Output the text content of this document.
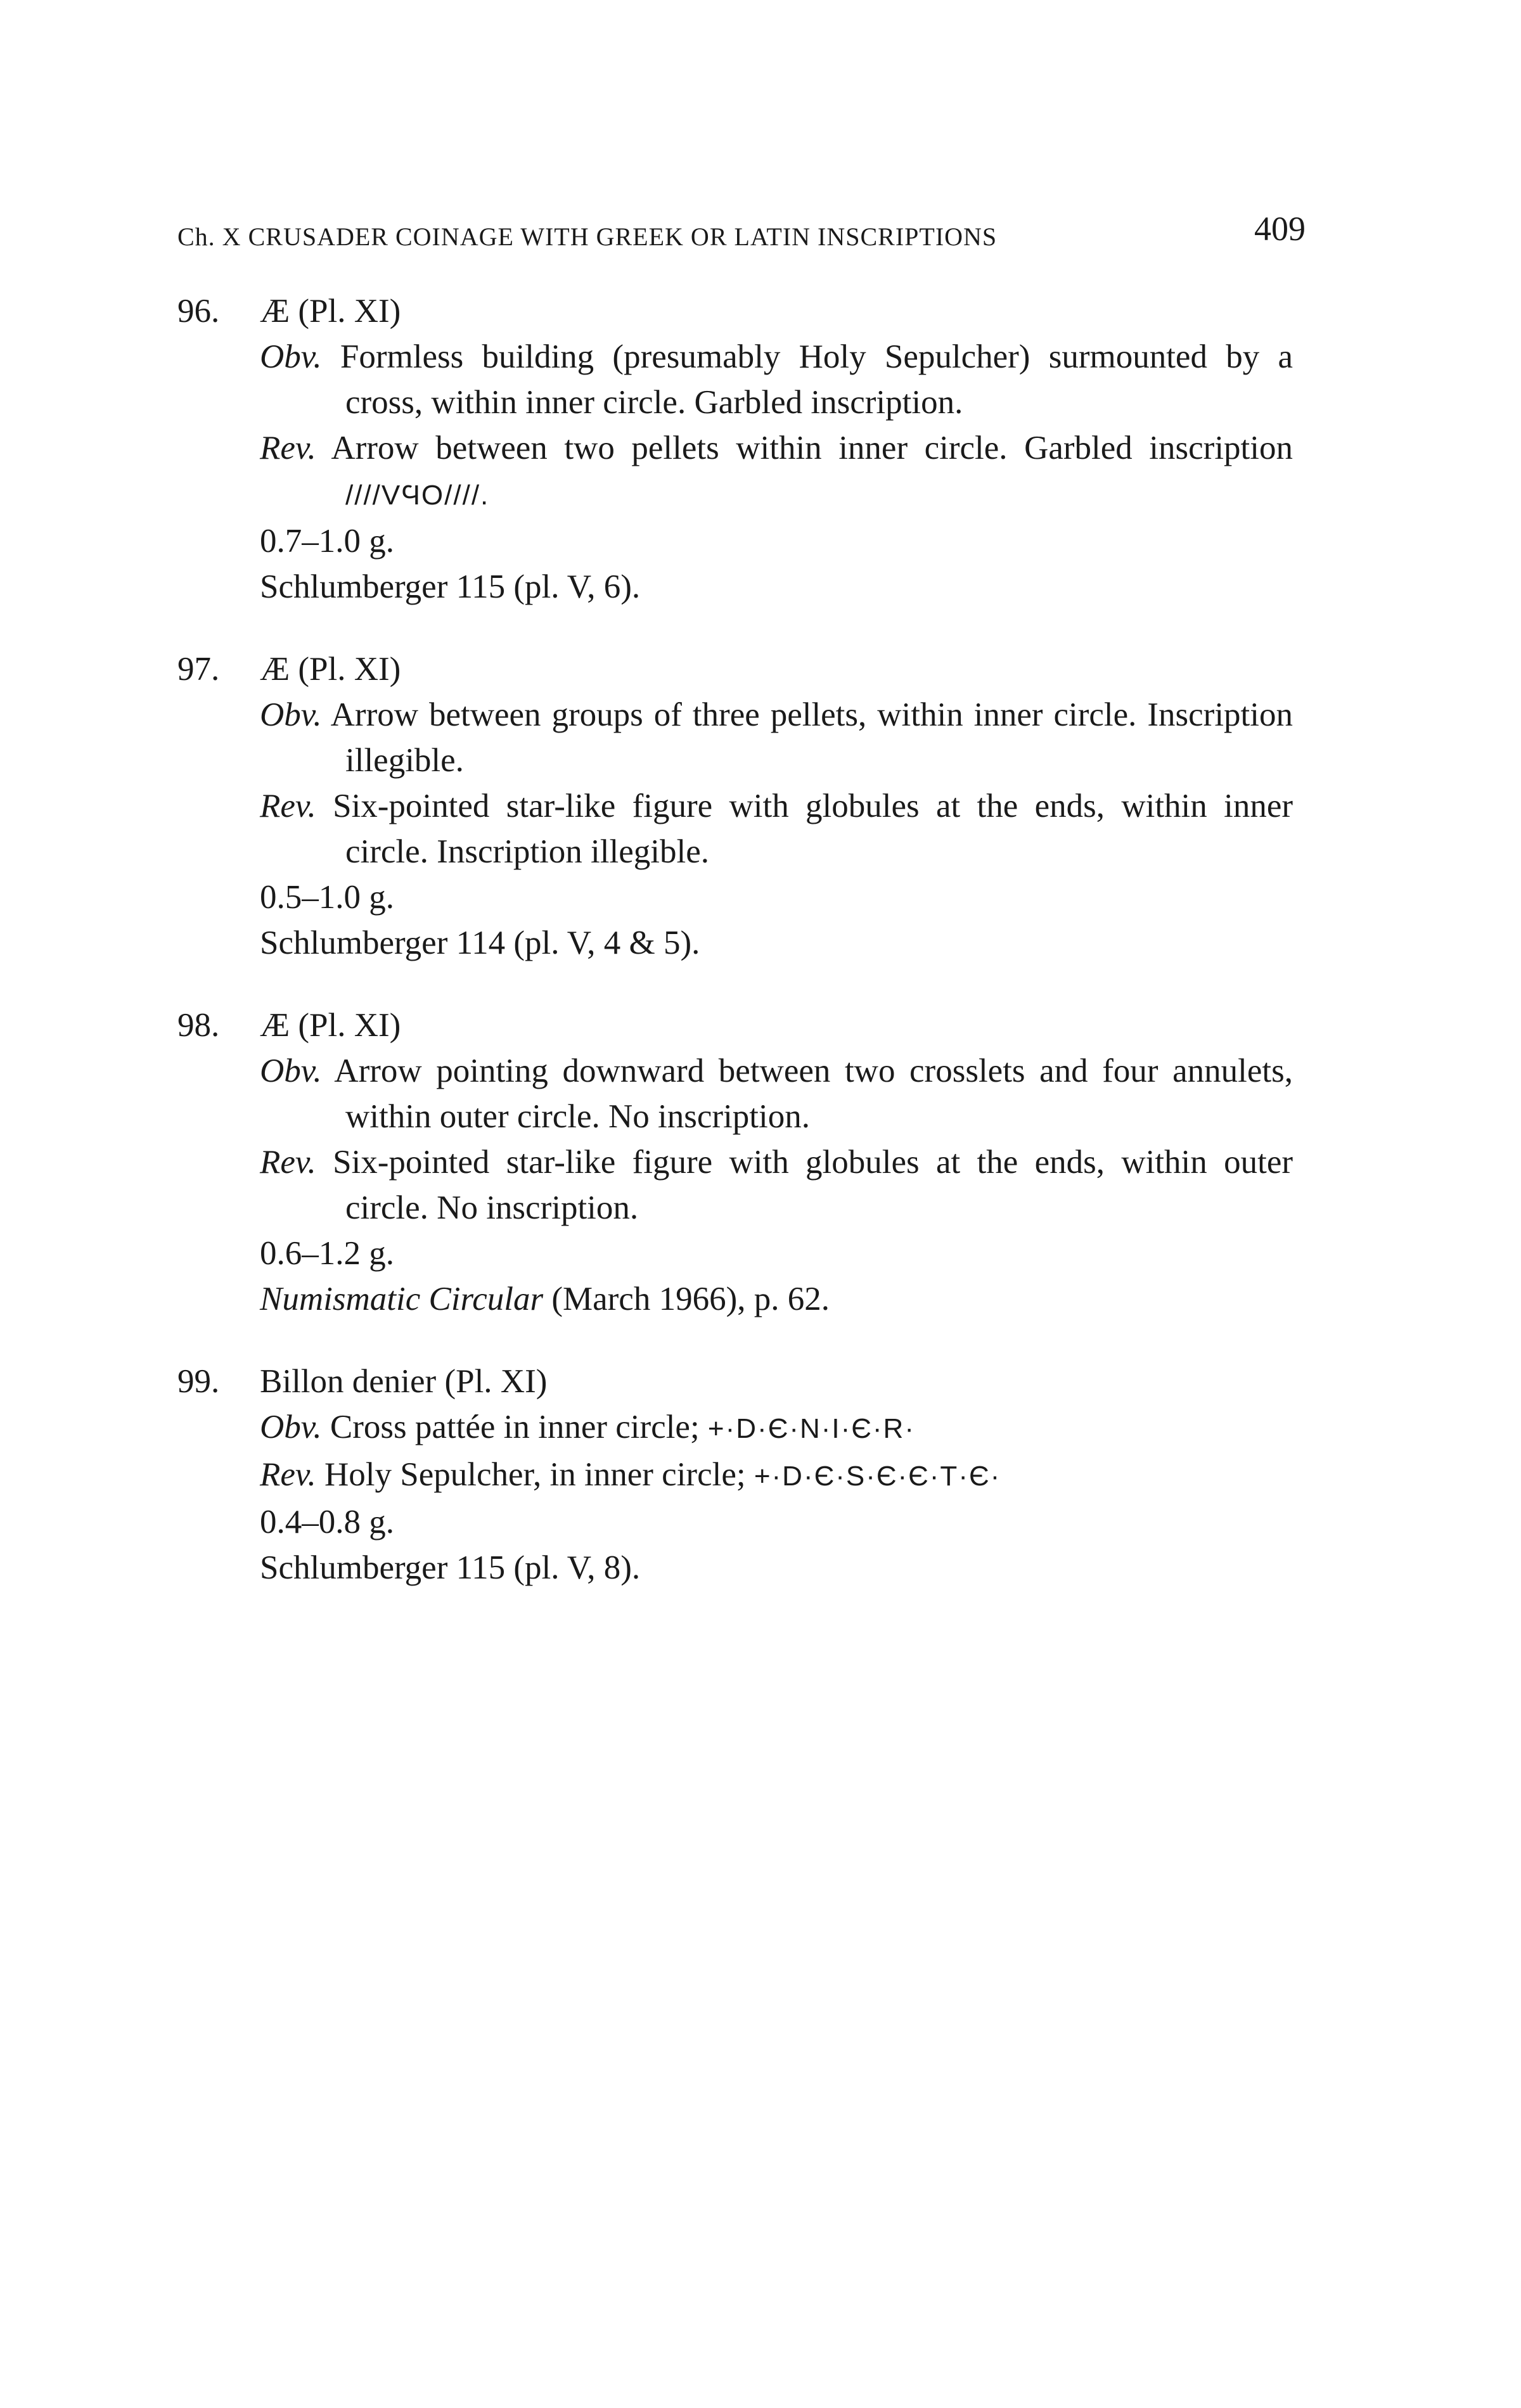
Ch. X CRUSADER COINAGE WITH GREEK OR LATIN INSCRIPTIONS	409
96. Æ (Pl. XI)
Obv. Formless building (presumably Holy Sepulcher) surmounted by a cross, within inner circle. Garbled inscription.
Rev. Arrow between two pellets within inner circle. Garbled inscription ////VϤO////.
0.7–1.0 g.
Schlumberger 115 (pl. V, 6).
97. Æ (Pl. XI)
Obv. Arrow between groups of three pellets, within inner circle. Inscription illegible.
Rev. Six-pointed star-like figure with globules at the ends, within inner circle. Inscription illegible.
0.5–1.0 g.
Schlumberger 114 (pl. V, 4 & 5).
98. Æ (Pl. XI)
Obv. Arrow pointing downward between two crosslets and four annulets, within outer circle. No inscription.
Rev. Six-pointed star-like figure with globules at the ends, within outer circle. No inscription.
0.6–1.2 g.
Numismatic Circular (March 1966), p. 62.
99. Billon denier (Pl. XI)
Obv. Cross pattée in inner circle; +·D·Є·N·I·Є·R·
Rev. Holy Sepulcher, in inner circle; +·D·Є·S·Є·Є·T·Є·
0.4–0.8 g.
Schlumberger 115 (pl. V, 8).
